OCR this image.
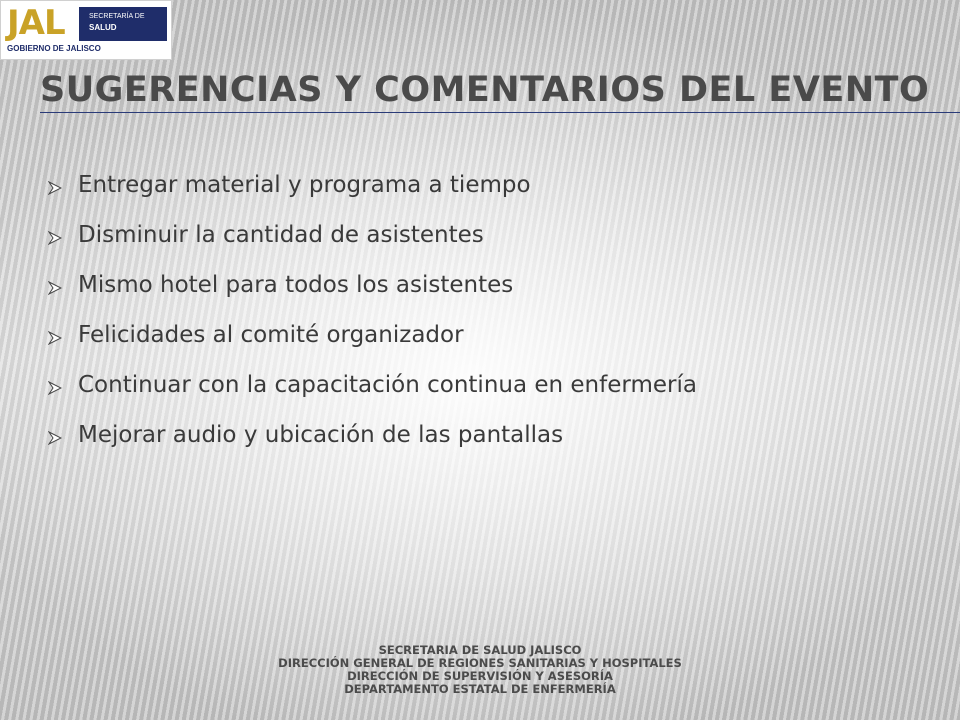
JAL	SECRETARÍA DE
SALUD
GOBIERNO DE JALISCO
SUGERENCIAS Y COMENTARIOS DEL EVENTO
Entregar material y programa a tiempo
Disminuir la cantidad de asistentes
Mismo hotel para todos los asistentes
Felicidades al comité organizador
Continuar con la capacitación continua en enfermería
Mejorar audio y ubicación de las pantallas
SECRETARIA DE SALUD JALISCO
DIRECCIÓN GENERAL DE REGIONES SANITARIAS Y HOSPITALES
DIRECCIÓN DE SUPERVISIÓN Y ASESORÍA
DEPARTAMENTO ESTATAL DE ENFERMERÍA
